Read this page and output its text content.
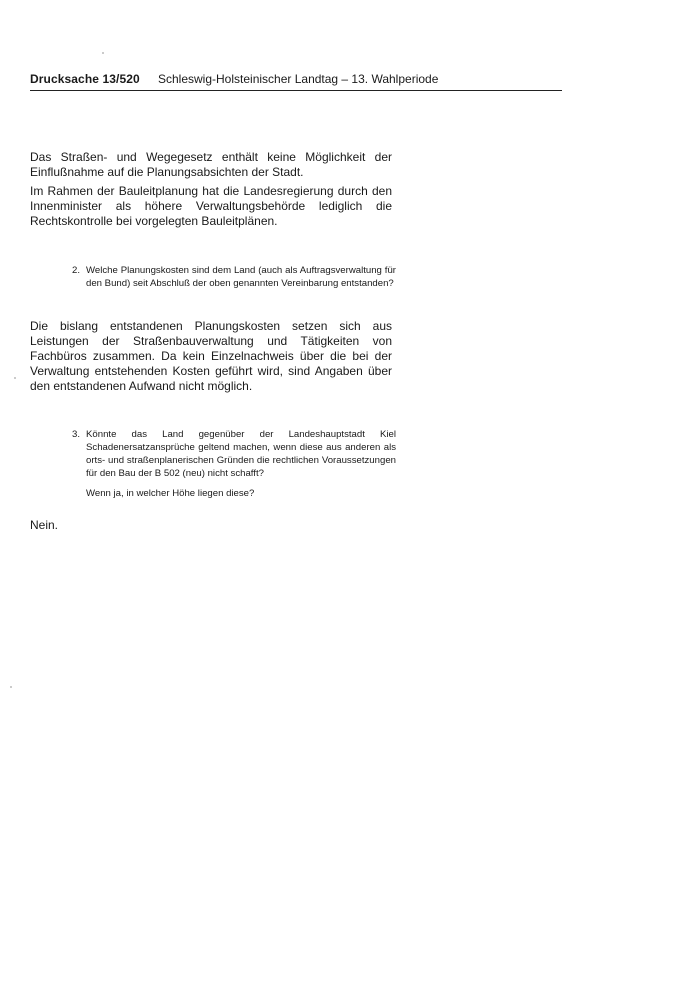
Drucksache 13/520 Schleswig-Holsteinischer Landtag – 13. Wahlperiode

Das Straßen- und Wegegesetz enthält keine Möglichkeit der Einflußnahme auf die Planungsabsichten der Stadt.

Im Rahmen der Bauleitplanung hat die Landesregierung durch den Innenminister als höhere Verwaltungsbehörde lediglich die Rechtskontrolle bei vorgelegten Bauleitplänen.

2. Welche Planungskosten sind dem Land (auch als Auftragsverwaltung für den Bund) seit Abschluß der oben genannten Vereinbarung entstanden?

Die bislang entstandenen Planungskosten setzen sich aus Leistungen der Straßenbauverwaltung und Tätigkeiten von Fachbüros zusammen. Da kein Einzelnachweis über die bei der Verwaltung entstehenden Kosten geführt wird, sind Angaben über den entstandenen Aufwand nicht möglich.

3. Könnte das Land gegenüber der Landeshauptstadt Kiel Schadenersatzansprüche geltend machen, wenn diese aus anderen als orts- und straßenplanerischen Gründen die rechtlichen Voraussetzungen für den Bau der B 502 (neu) nicht schafft?

Wenn ja, in welcher Höhe liegen diese?

Nein.
